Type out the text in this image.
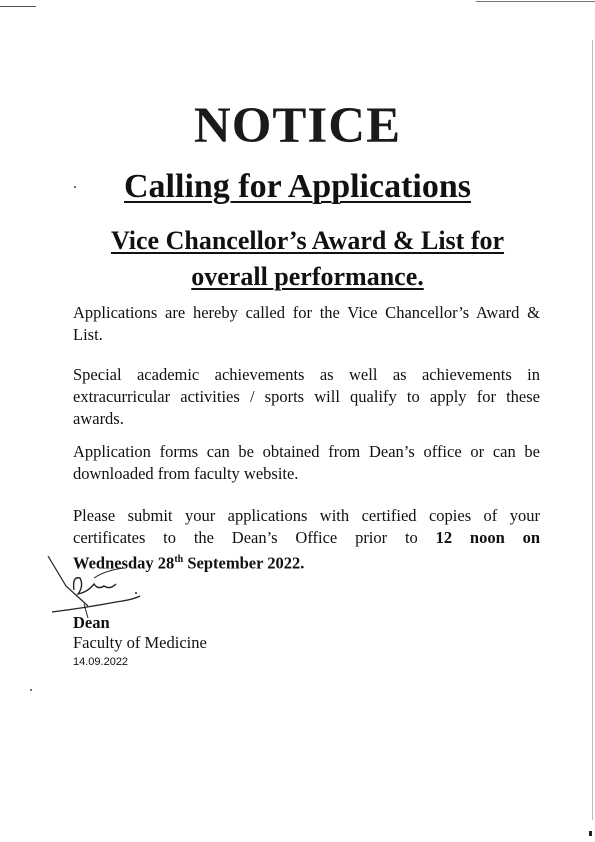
NOTICE
Calling for Applications
Vice Chancellor’s Award & List for
overall performance.

Applications are hereby called for the Vice Chancellor’s Award & List.

Special academic achievements as well as achievements in extracurricular activities / sports will qualify to apply for these awards.

Application forms can be obtained from Dean’s office or can be downloaded from faculty website.

Please submit your applications with certified copies of your certificates to the Dean’s Office prior to 12 noon on

Wednesday 28th September 2022.

Dean
Faculty of Medicine
14.09.2022
